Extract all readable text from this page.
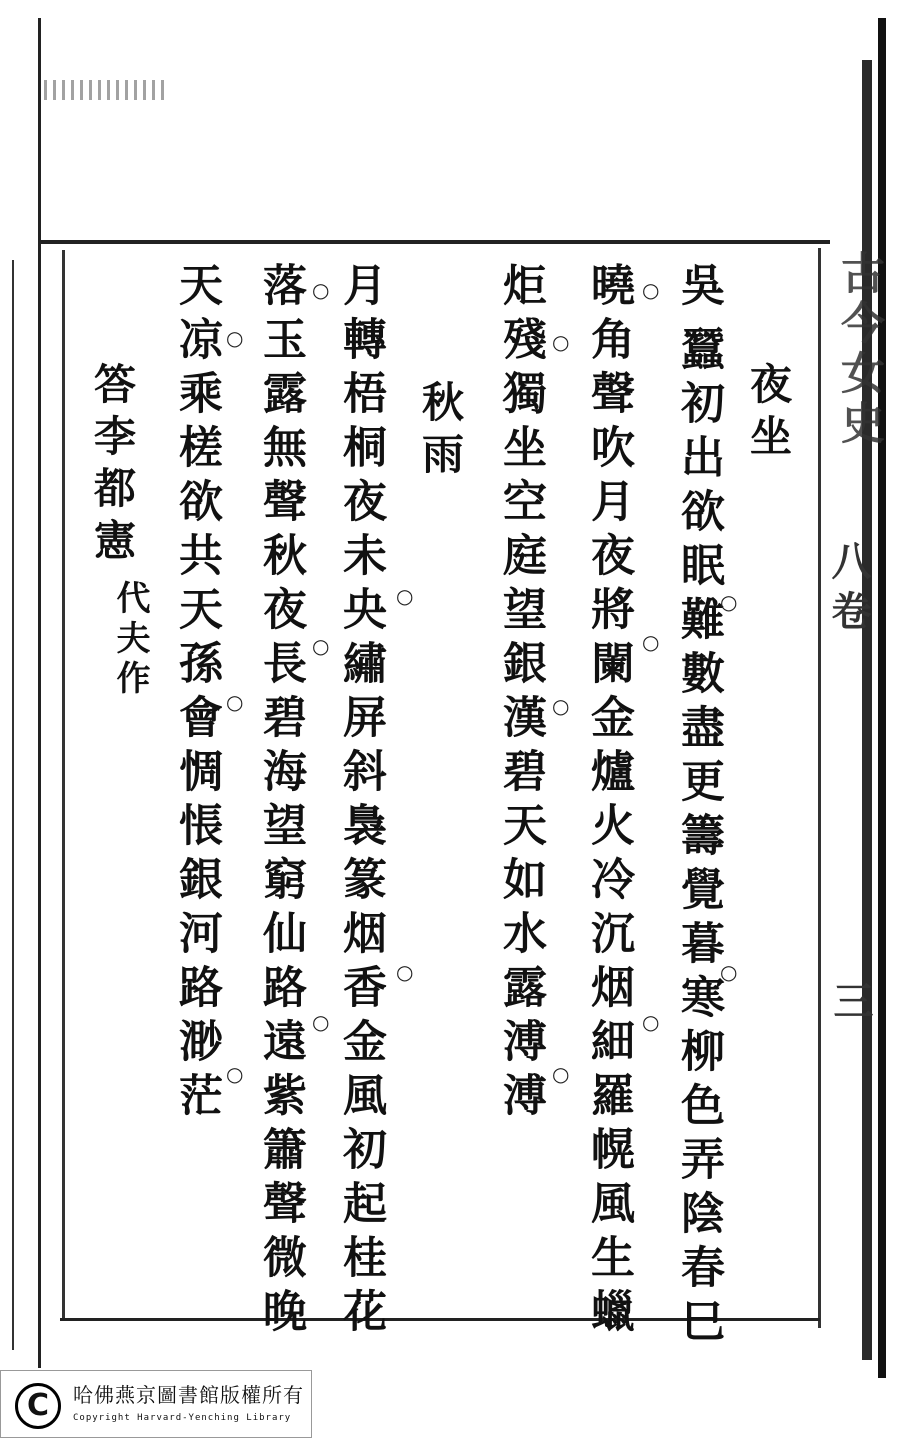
古今女史
八卷
三
吳
蠶初出欲眠難數盡更籌覺暮寒柳色弄陰春巳 夜坐
曉角聲吹月夜將闌金爐火冷沉烟細羅幌風生蠟
炬殘獨坐空庭望銀漢碧天如水露溥溥
秋雨
月轉梧桐夜未央繡屏斜裊篆烟香金風初起桂花
落玉露無聲秋夜長碧海望窮仙路遠紫簫聲微晚
天凉乘槎欲共天孫會惆悵銀河路渺茫
答李都憲
代夫作
○
○
○
○
○
○
○
○
○
○
○
○
○
○
○
○
C	哈佛燕京圖書館版權所有
Copyright Harvard-Yenching Library
